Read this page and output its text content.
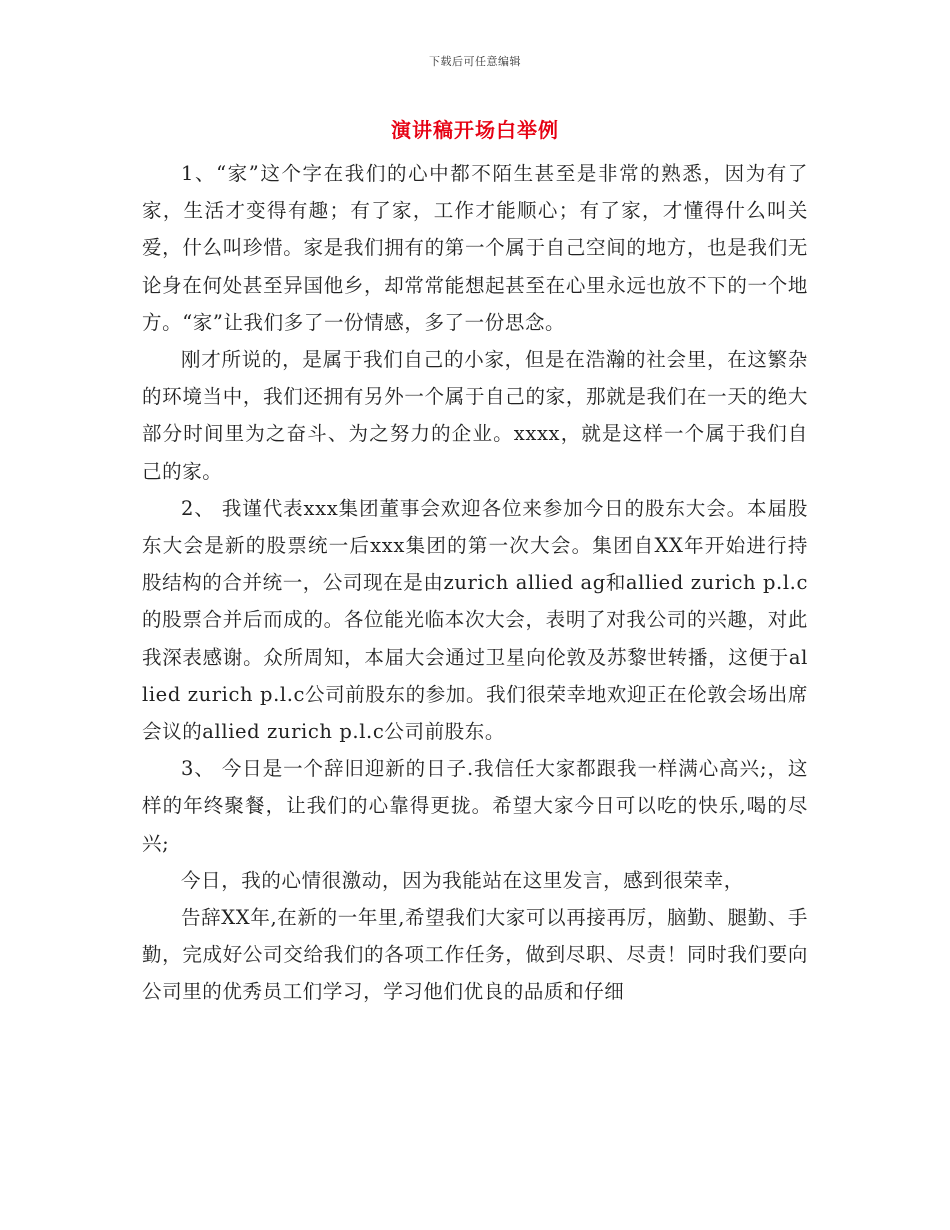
下载后可任意编辑
演讲稿开场白举例

1、“家”这个字在我们的心中都不陌生甚至是非常的熟悉，因为有了家，生活才变得有趣；有了家，工作才能顺心；有了家，才懂得什么叫关爱，什么叫珍惜。家是我们拥有的第一个属于自己空间的地方，也是我们无论身在何处甚至异国他乡，却常常能想起甚至在心里永远也放不下的一个地方。“家”让我们多了一份情感，多了一份思念。

刚才所说的，是属于我们自己的小家，但是在浩瀚的社会里，在这繁杂的环境当中，我们还拥有另外一个属于自己的家，那就是我们在一天的绝大部分时间里为之奋斗、为之努力的企业。xxxx，就是这样一个属于我们自己的家。

2、 我谨代表xxx集团董事会欢迎各位来参加今日的股东大会。本届股东大会是新的股票统一后xxx集团的第一次大会。集团自XX年开始进行持股结构的合并统一，公司现在是由zurich allied ag和allied zurich p.l.c的股票合并后而成的。各位能光临本次大会，表明了对我公司的兴趣，对此我深表感谢。众所周知，本届大会通过卫星向伦敦及苏黎世转播，这便于allied zurich p.l.c公司前股东的参加。我们很荣幸地欢迎正在伦敦会场出席会议的allied zurich p.l.c公司前股东。

3、 今日是一个辞旧迎新的日子.我信任大家都跟我一样满心高兴;，这样的年终聚餐，让我们的心靠得更拢。希望大家今日可以吃的快乐,喝的尽兴;

今日，我的心情很激动，因为我能站在这里发言，感到很荣幸，

告辞XX年,在新的一年里,希望我们大家可以再接再厉，脑勤、腿勤、手勤，完成好公司交给我们的各项工作任务，做到尽职、尽责！同时我们要向公司里的优秀员工们学习，学习他们优良的品质和仔细
